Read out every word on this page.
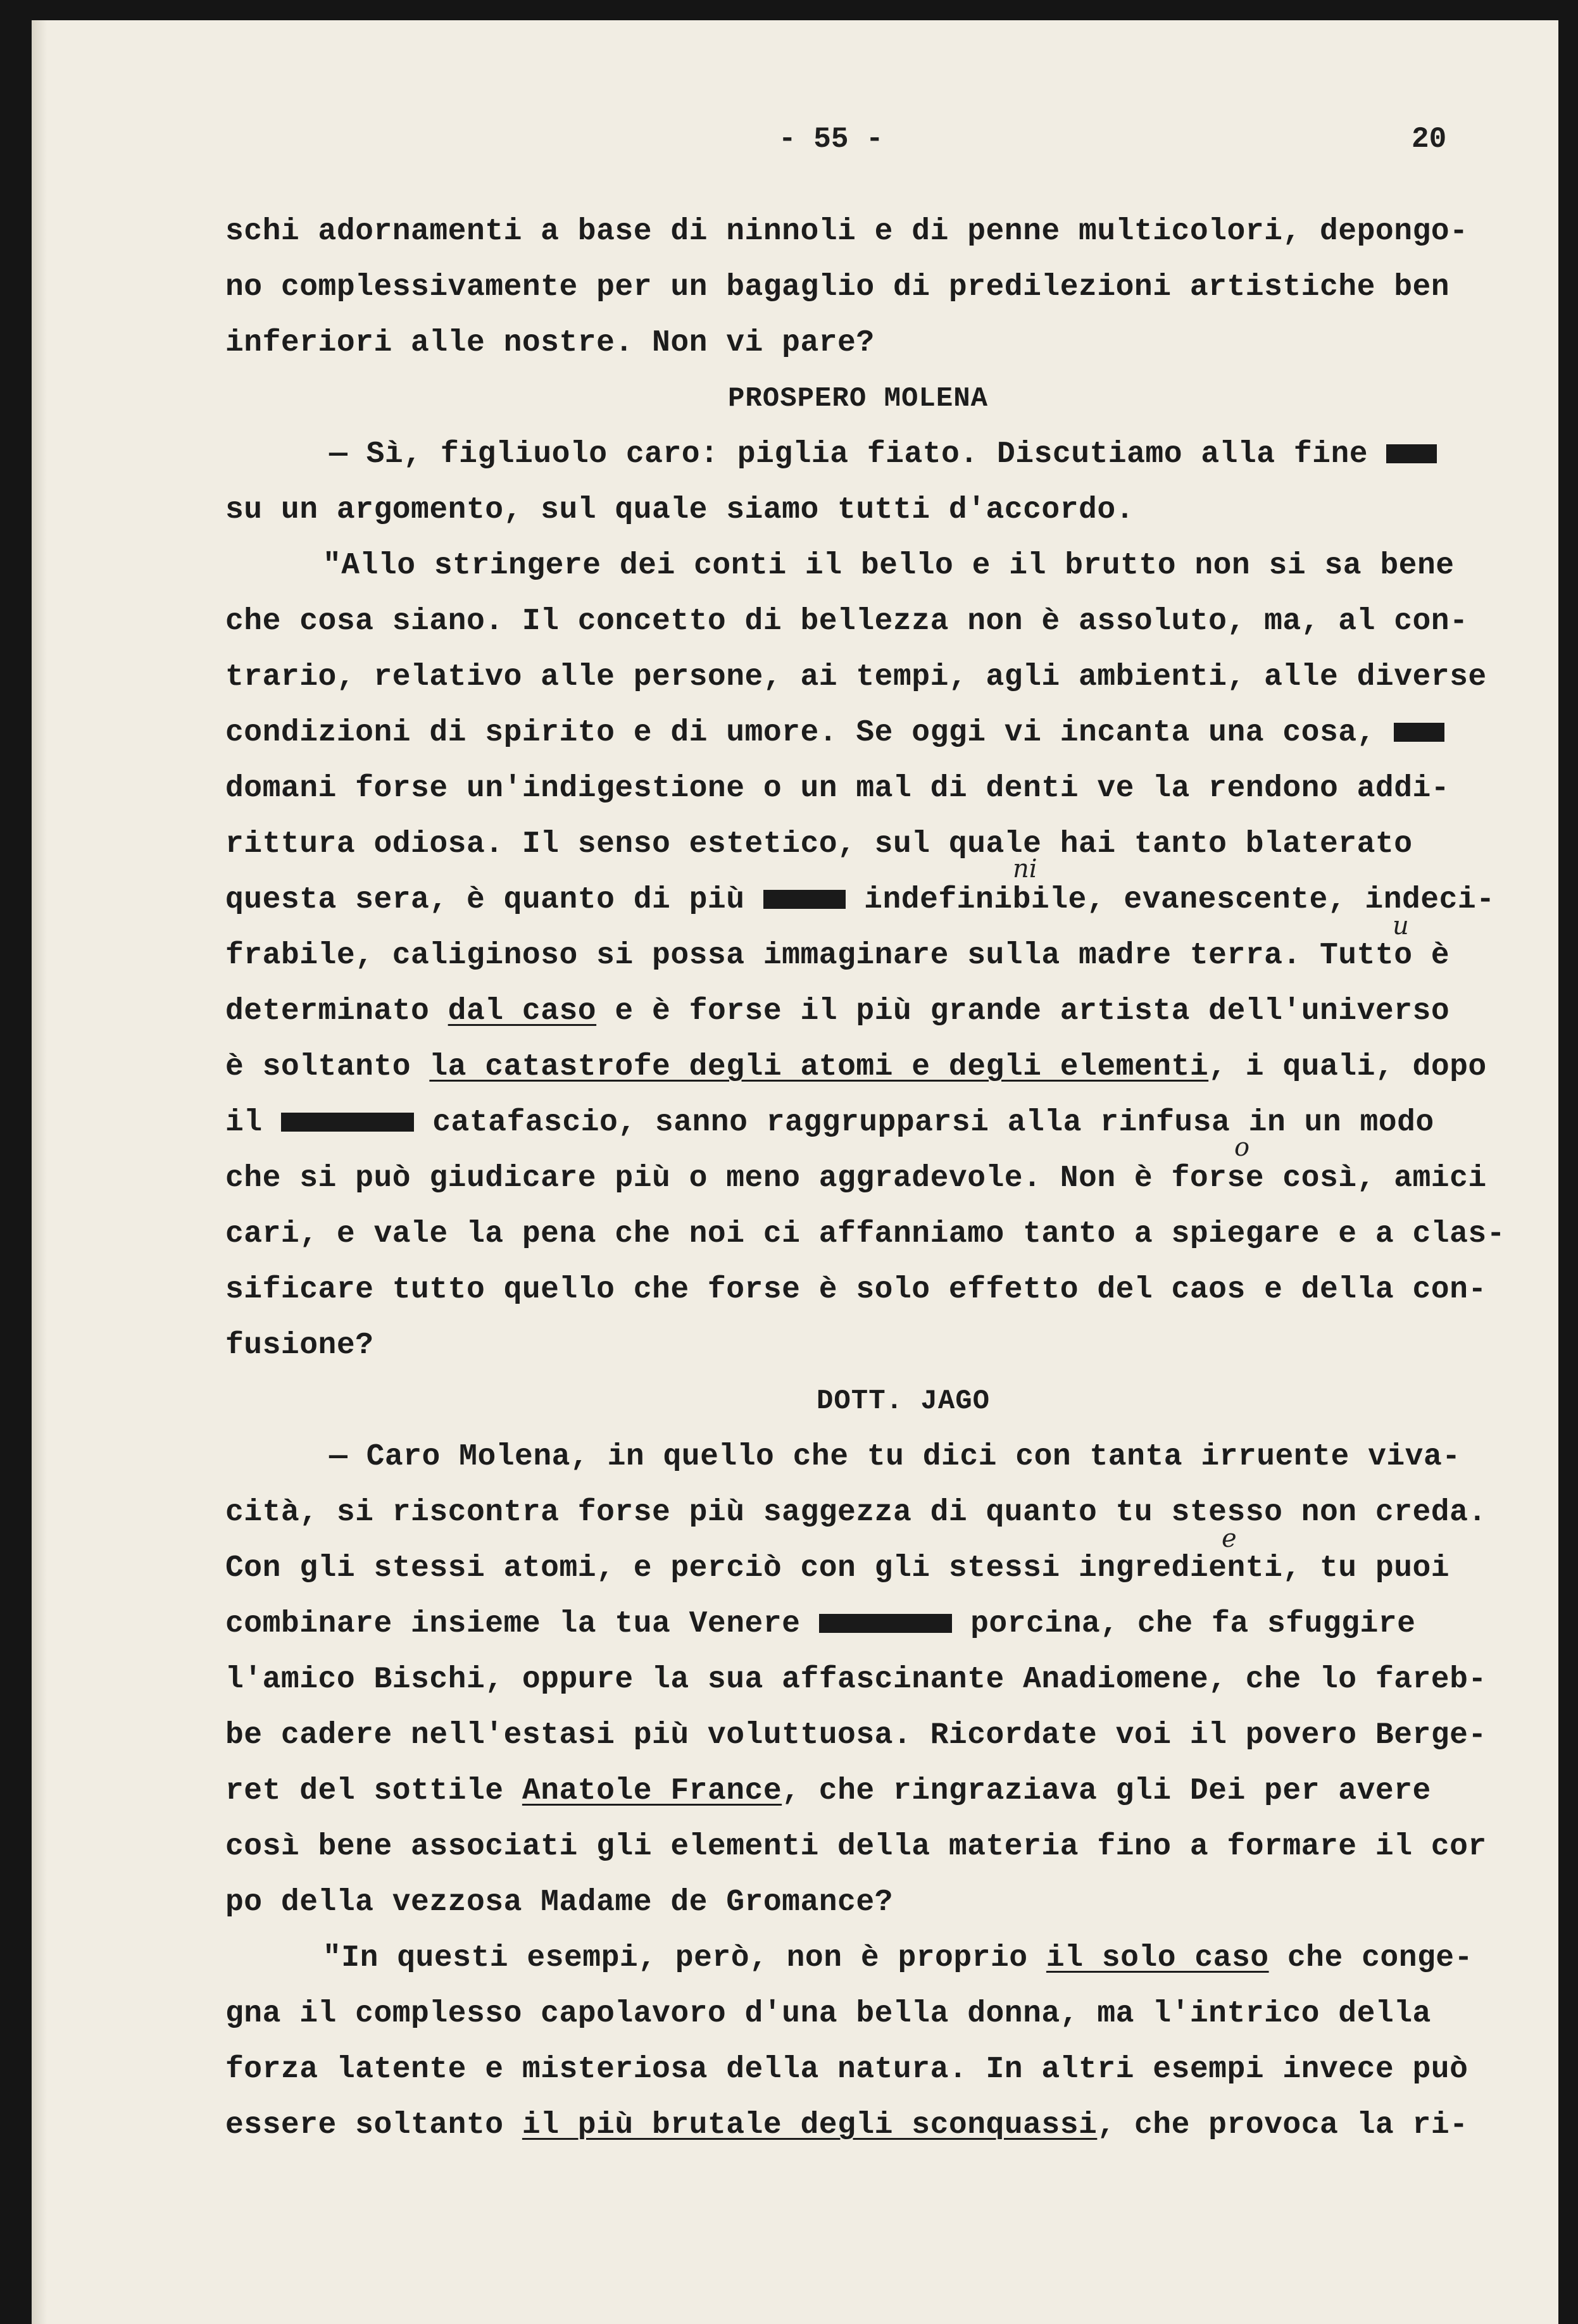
- 55 -	20
schi adornamenti a base di ninnoli e di penne multicolori, depongo-
no complessivamente per un bagaglio di predilezioni artistiche ben
inferiori alle nostre. Non vi pare?
PROSPERO MOLENA
— Sì, figliuolo caro: piglia fiato. Discutiamo alla fine
su un argomento, sul quale siamo tutti d'accordo.
"Allo stringere dei conti il bello e il brutto non si sa bene
che cosa siano. Il concetto di bellezza non è assoluto, ma, al con-
trario, relativo alle persone, ai tempi, agli ambienti, alle diverse
condizioni di spirito e di umore. Se oggi vi incanta una cosa,
domani forse un'indigestione o un mal di denti ve la rendono addi-
rittura odiosa. Il senso estetico, sul quale hai tanto blaterato
ni
questa sera, è quanto di più	indefinibile, evanescente, indeci-
u
frabile, caliginoso si possa immaginare sulla madre terra. Tutto è
determinato dal caso e è forse il più grande artista dell'universo
è soltanto la catastrofe degli atomi e degli elementi, i quali, dopo
il	catafascio, sanno raggrupparsi alla rinfusa in un modo
o
che si può giudicare più o meno aggradevole. Non è forse così, amici
cari, e vale la pena che noi ci affanniamo tanto a spiegare e a clas-
sificare tutto quello che forse è solo effetto del caos e della con-
fusione?
DOTT. JAGO
— Caro Molena, in quello che tu dici con tanta irruente viva-
cità, si riscontra forse più saggezza di quanto tu stesso non creda.
e
Con gli stessi atomi, e perciò con gli stessi ingredienti, tu puoi
combinare insieme la tua Venere	porcina, che fa sfuggire
l'amico Bischi, oppure la sua affascinante Anadiomene, che lo fareb-
be cadere nell'estasi più voluttuosa. Ricordate voi il povero Berge-
ret del sottile Anatole France, che ringraziava gli Dei per avere
così bene associati gli elementi della materia fino a formare il cor
po della vezzosa Madame de Gromance?
"In questi esempi, però, non è proprio il solo caso che conge-
gna il complesso capolavoro d'una bella donna, ma l'intrico della
forza latente e misteriosa della natura. In altri esempi invece può
essere soltanto il più brutale degli sconquassi, che provoca la ri-
